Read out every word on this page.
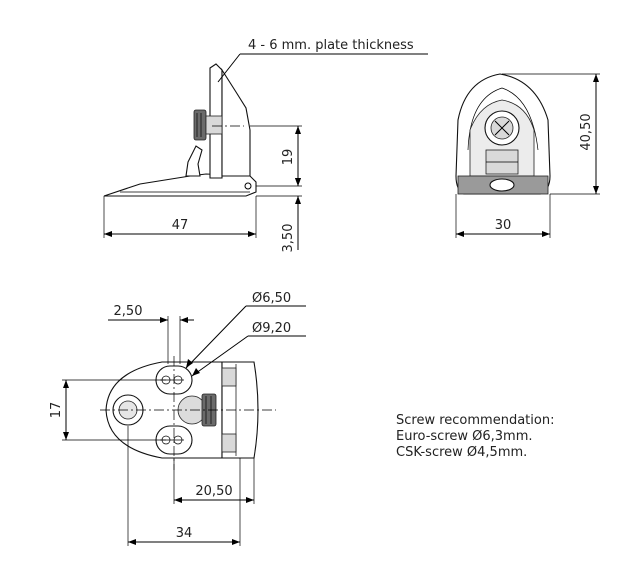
4 - 6 mm. plate thickness
19
3,50
47
40,50
30
2,50
Ø6,50
Ø9,20
17
20,50
34
Screw recommendation:
Euro-screw Ø6,3mm.
CSK-screw Ø4,5mm.
